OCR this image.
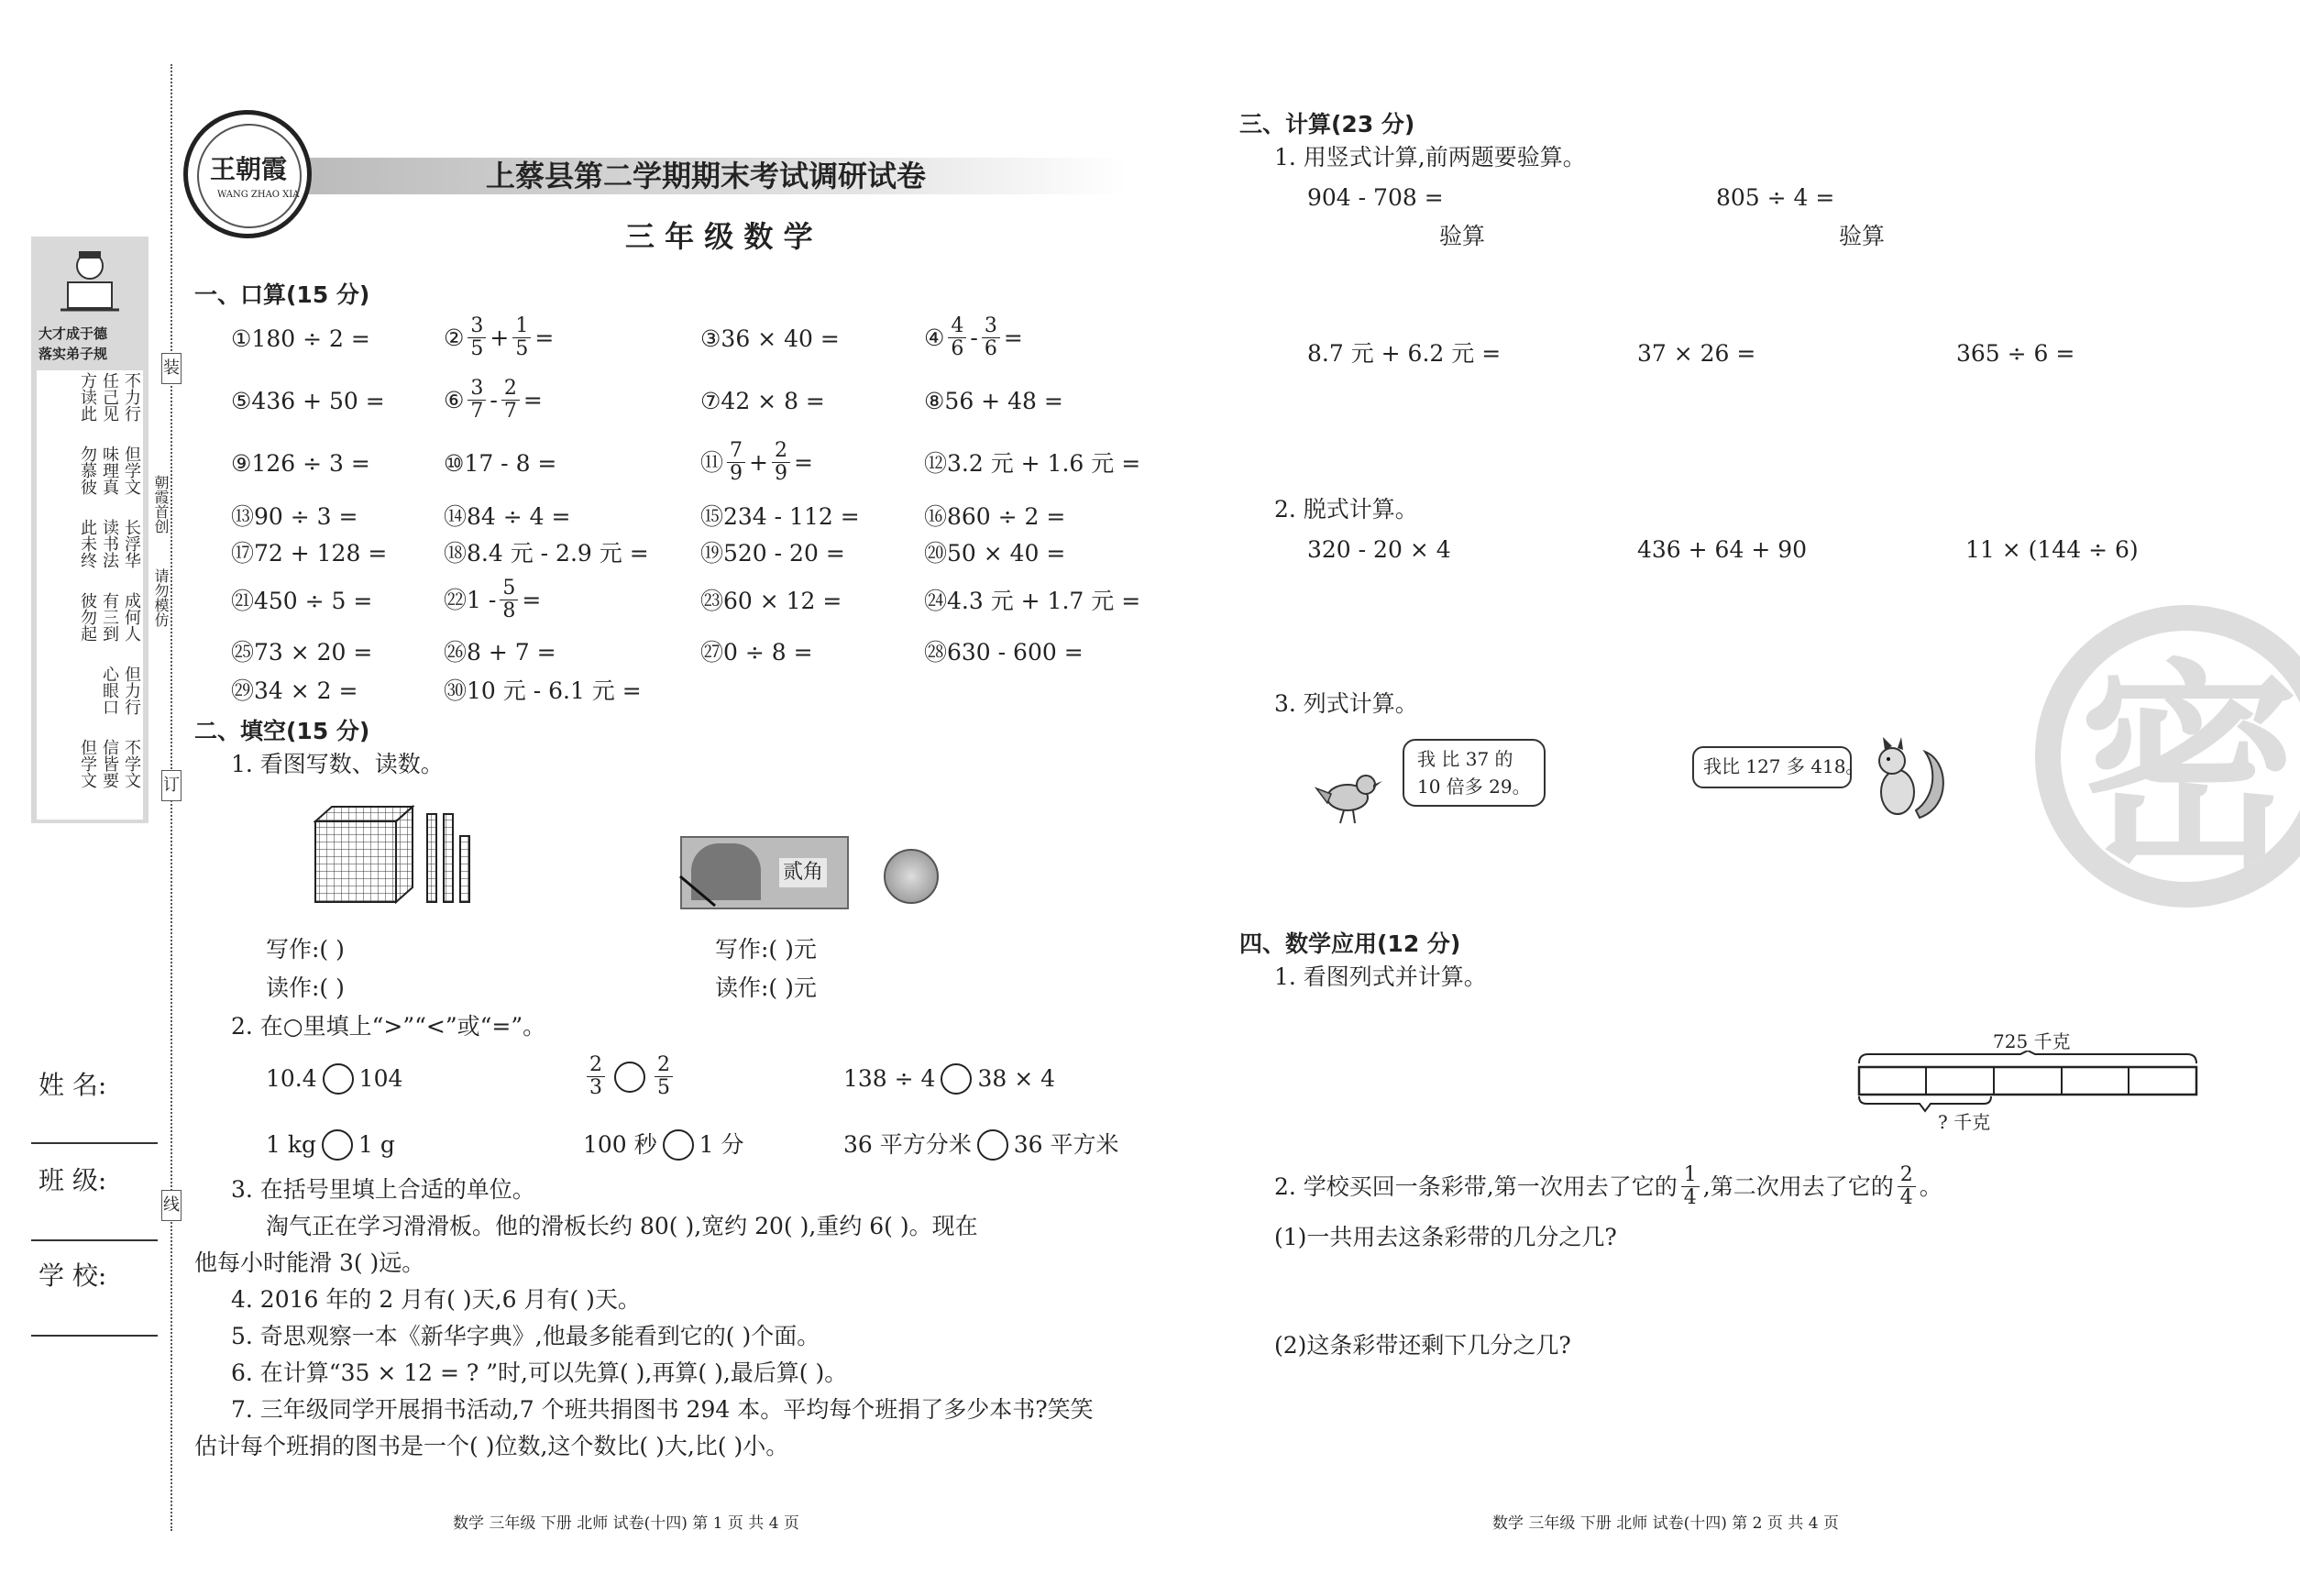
装
订
线
大才成于德
落实弟子规
不力行
任己见
方读此
但学文
味理真
勿慕彼
长浮华
读书法
此未终
成何人
有三到
彼勿起
但力行
心眼口
不学文
信皆要
但学文
朝霞首创
请勿模仿
姓 名:
班 级:
学 校:
王朝霞
WANG ZHAO XIA
上蔡县第二学期期末考试调研试卷
三 年 级 数 学
一、口算(15 分)
①180 ÷ 2 =	② $\frac{3}{5} + \frac{1}{5}$ =	③36 × 40 =	④ $\frac{4}{6} - \frac{3}{6}$ =
⑤436 + 50 =	⑥ $\frac{3}{7} - \frac{2}{7}$ =	⑦42 × 8 =	⑧56 + 48 =
⑨126 ÷ 3 =	⑩17 - 8 =	⑪ $\frac{7}{9} + \frac{2}{9}$ =	⑫3.2 元 + 1.6 元 =
⑬90 ÷ 3 =	⑭84 ÷ 4 =	⑮234 - 112 =	⑯860 ÷ 2 =
⑰72 + 128 = ⑱8.4 元 - 2.9 元 = ⑲520 - 20 =	⑳50 × 40 =
㉑450 ÷ 5 =	㉒1 - $\frac{5}{8}$ =	㉓60 × 12 =	㉔4.3 元 + 1.7 元 =
㉕73 × 20 =	㉖8 + 7 =	㉗0 ÷ 8 =	㉘630 - 600 =
㉙34 × 2 =	㉚10 元 - 6.1 元 =
二、填空(15 分)
1. 看图写数、读数。
贰角
写作:( )
读作:( )
写作:( )元
读作:( )元
2. 在○里填上“>”“<”或“=”。
10.4 104	$\frac{2}{3} \frac{2}{5}$	138 ÷ 4 38 × 4
1 kg 1 g	100 秒 1 分	36 平方分米 36 平方米
3. 在括号里填上合适的单位。
淘气正在学习滑滑板。他的滑板长约 80( ),宽约 20( ),重约 6( )。现在
他每小时能滑 3( )远。
4. 2016 年的 2 月有( )天,6 月有( )天。
5. 奇思观察一本《新华字典》,他最多能看到它的( )个面。
6. 在计算“35 × 12 = ? ”时,可以先算( ),再算( ),最后算( )。
7. 三年级同学开展捐书活动,7 个班共捐图书 294 本。平均每个班捐了多少本书?笑笑
估计每个班捐的图书是一个( )位数,这个数比( )大,比( )小。
数学 三年级 下册 北师 试卷(十四) 第 1 页 共 4 页
密
三、计算(23 分)
1. 用竖式计算,前两题要验算。
904 - 708 =	805 ÷ 4 =
验算	验算
8.7 元 + 6.2 元 =	37 × 26 =	365 ÷ 6 =
2. 脱式计算。
320 - 20 × 4	436 + 64 + 90	11 × (144 ÷ 6)
3. 列式计算。
我 比 37 的
10 倍多 29。
我比 127 多 418。
四、数学应用(12 分)
1. 看图列式并计算。
725 千克
? 千克
2. 学校买回一条彩带,第一次用去了它的 $\frac{1}{4}$ ,第二次用去了它的 $\frac{2}{4}$ 。
(1)一共用去这条彩带的几分之几?
(2)这条彩带还剩下几分之几?
数学 三年级 下册 北师 试卷(十四) 第 2 页 共 4 页
